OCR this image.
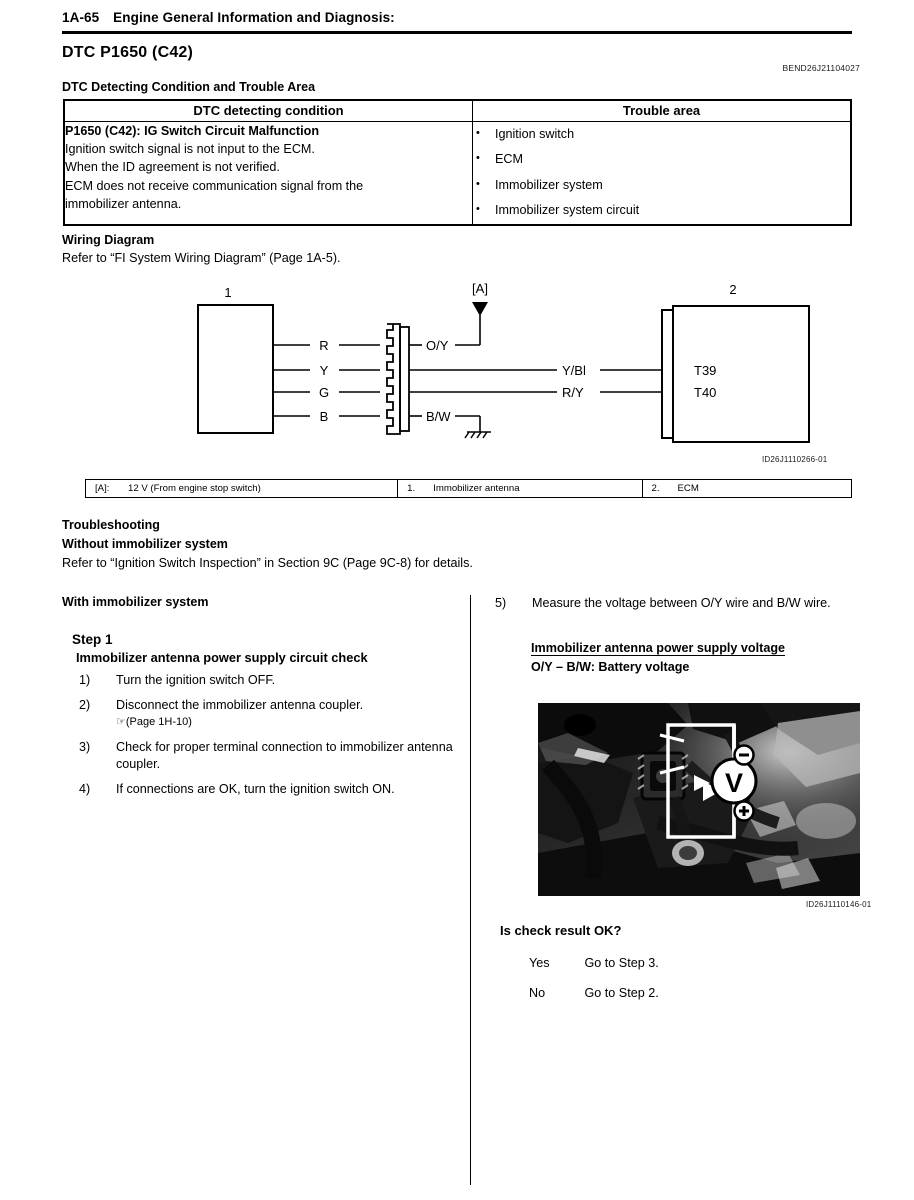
1A-65 Engine General Information and Diagnosis:
DTC P1650 (C42)
BEND26J21104027
DTC Detecting Condition and Trouble Area
DTC detecting condition	Trouble area

P1650 (C42): IG Switch Circuit Malfunction
Ignition switch signal is not input to the ECM.
When the ID agreement is not verified.
ECM does not receive communication signal from the
immobilizer antenna.

• Ignition switch
• ECM
• Immobilizer system
• Immobilizer system circuit
Wiring Diagram
Refer to “FI System Wiring Diagram” (Page 1A-5).
1	2
[A]
R
Y
G
B
O/Y
B/W
Y/Bl
R/Y
T39
T40
ID26J1110266-01
[A]:	12 V (From engine stop switch)	1.	Immobilizer antenna	2.	ECM
Troubleshooting
Without immobilizer system
Refer to “Ignition Switch Inspection” in Section 9C (Page 9C-8) for details.
With immobilizer system
Step 1
Immobilizer antenna power supply circuit check
1)	Turn the ignition switch OFF.
2)	Disconnect the immobilizer antenna coupler.
☞(Page 1H-10)
3)	Check for proper terminal connection to immobilizer antenna coupler.
4)	If connections are OK, turn the ignition switch ON.
5)	Measure the voltage between O/Y wire and B/W wire.
Immobilizer antenna power supply voltage
O/Y – B/W: Battery voltage
V
ID26J1110146-01
Is check result OK?
Yes	Go to Step 3.
No	Go to Step 2.
